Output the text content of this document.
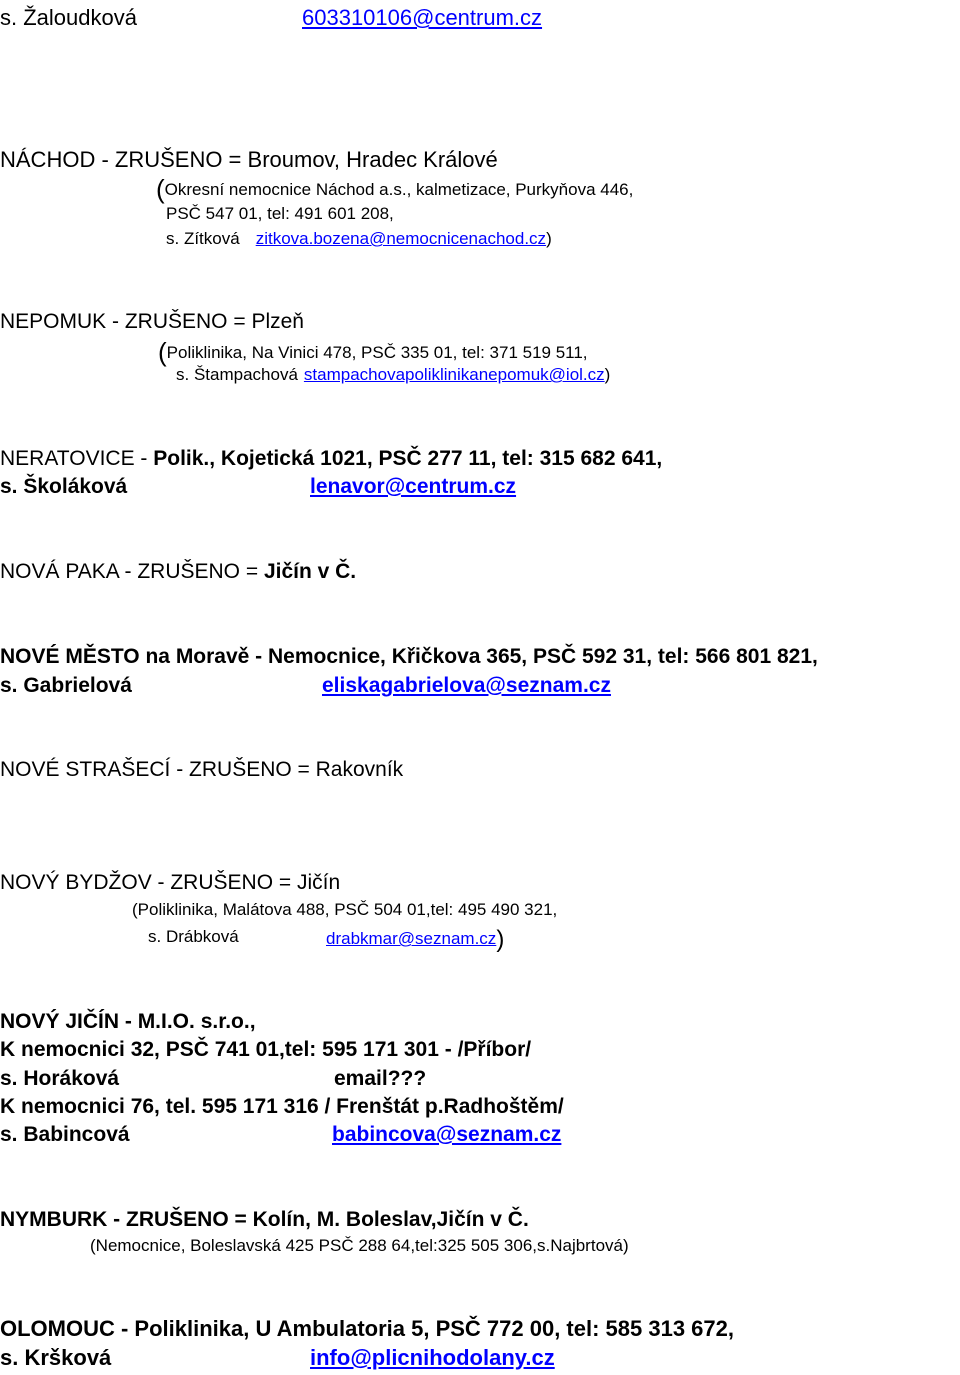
s. Žaloudková	603310106@centrum.cz
NÁCHOD - ZRUŠENO = Broumov, Hradec Králové
(Okresní nemocnice Náchod a.s., kalmetizace, Purkyňova 446,
PSČ 547 01, tel: 491 601 208,
s. Zítková zitkova.bozena@nemocnicenachod.cz)
NEPOMUK - ZRUŠENO = Plzeň
(Poliklinika, Na Vinici 478, PSČ 335 01, tel: 371 519 511,
s. Štampachová stampachovapoliklinikanepomuk@iol.cz)
NERATOVICE - Polik., Kojetická 1021, PSČ 277 11, tel: 315 682 641,
s. Školáková	lenavor@centrum.cz
NOVÁ PAKA - ZRUŠENO = Jičín v Č.
NOVÉ MĚSTO na Moravě - Nemocnice, Křičkova 365, PSČ 592 31, tel: 566 801 821,
s. Gabrielová	eliskagabrielova@seznam.cz
NOVÉ STRAŠECÍ - ZRUŠENO = Rakovník
NOVÝ BYDŽOV - ZRUŠENO = Jičín
(Poliklinika, Malátova 488, PSČ 504 01,tel: 495 490 321,
s. Drábková	drabkmar@seznam.cz)
NOVÝ JIČÍN - M.I.O. s.r.o.,
K nemocnici 32, PSČ 741 01,tel: 595 171 301 - /Příbor/
s. Horáková	email???
K nemocnici 76, tel. 595 171 316 / Frenštát p.Radhoštěm/
s. Babincová	babincova@seznam.cz
NYMBURK - ZRUŠENO = Kolín, M. Boleslav,Jičín v Č.
(Nemocnice, Boleslavská 425 PSČ 288 64,tel:325 505 306,s.Najbrtová)
OLOMOUC - Poliklinika, U Ambulatoria 5, PSČ 772 00, tel: 585 313 672,
s. Kršková	info@plicnihodolany.cz
